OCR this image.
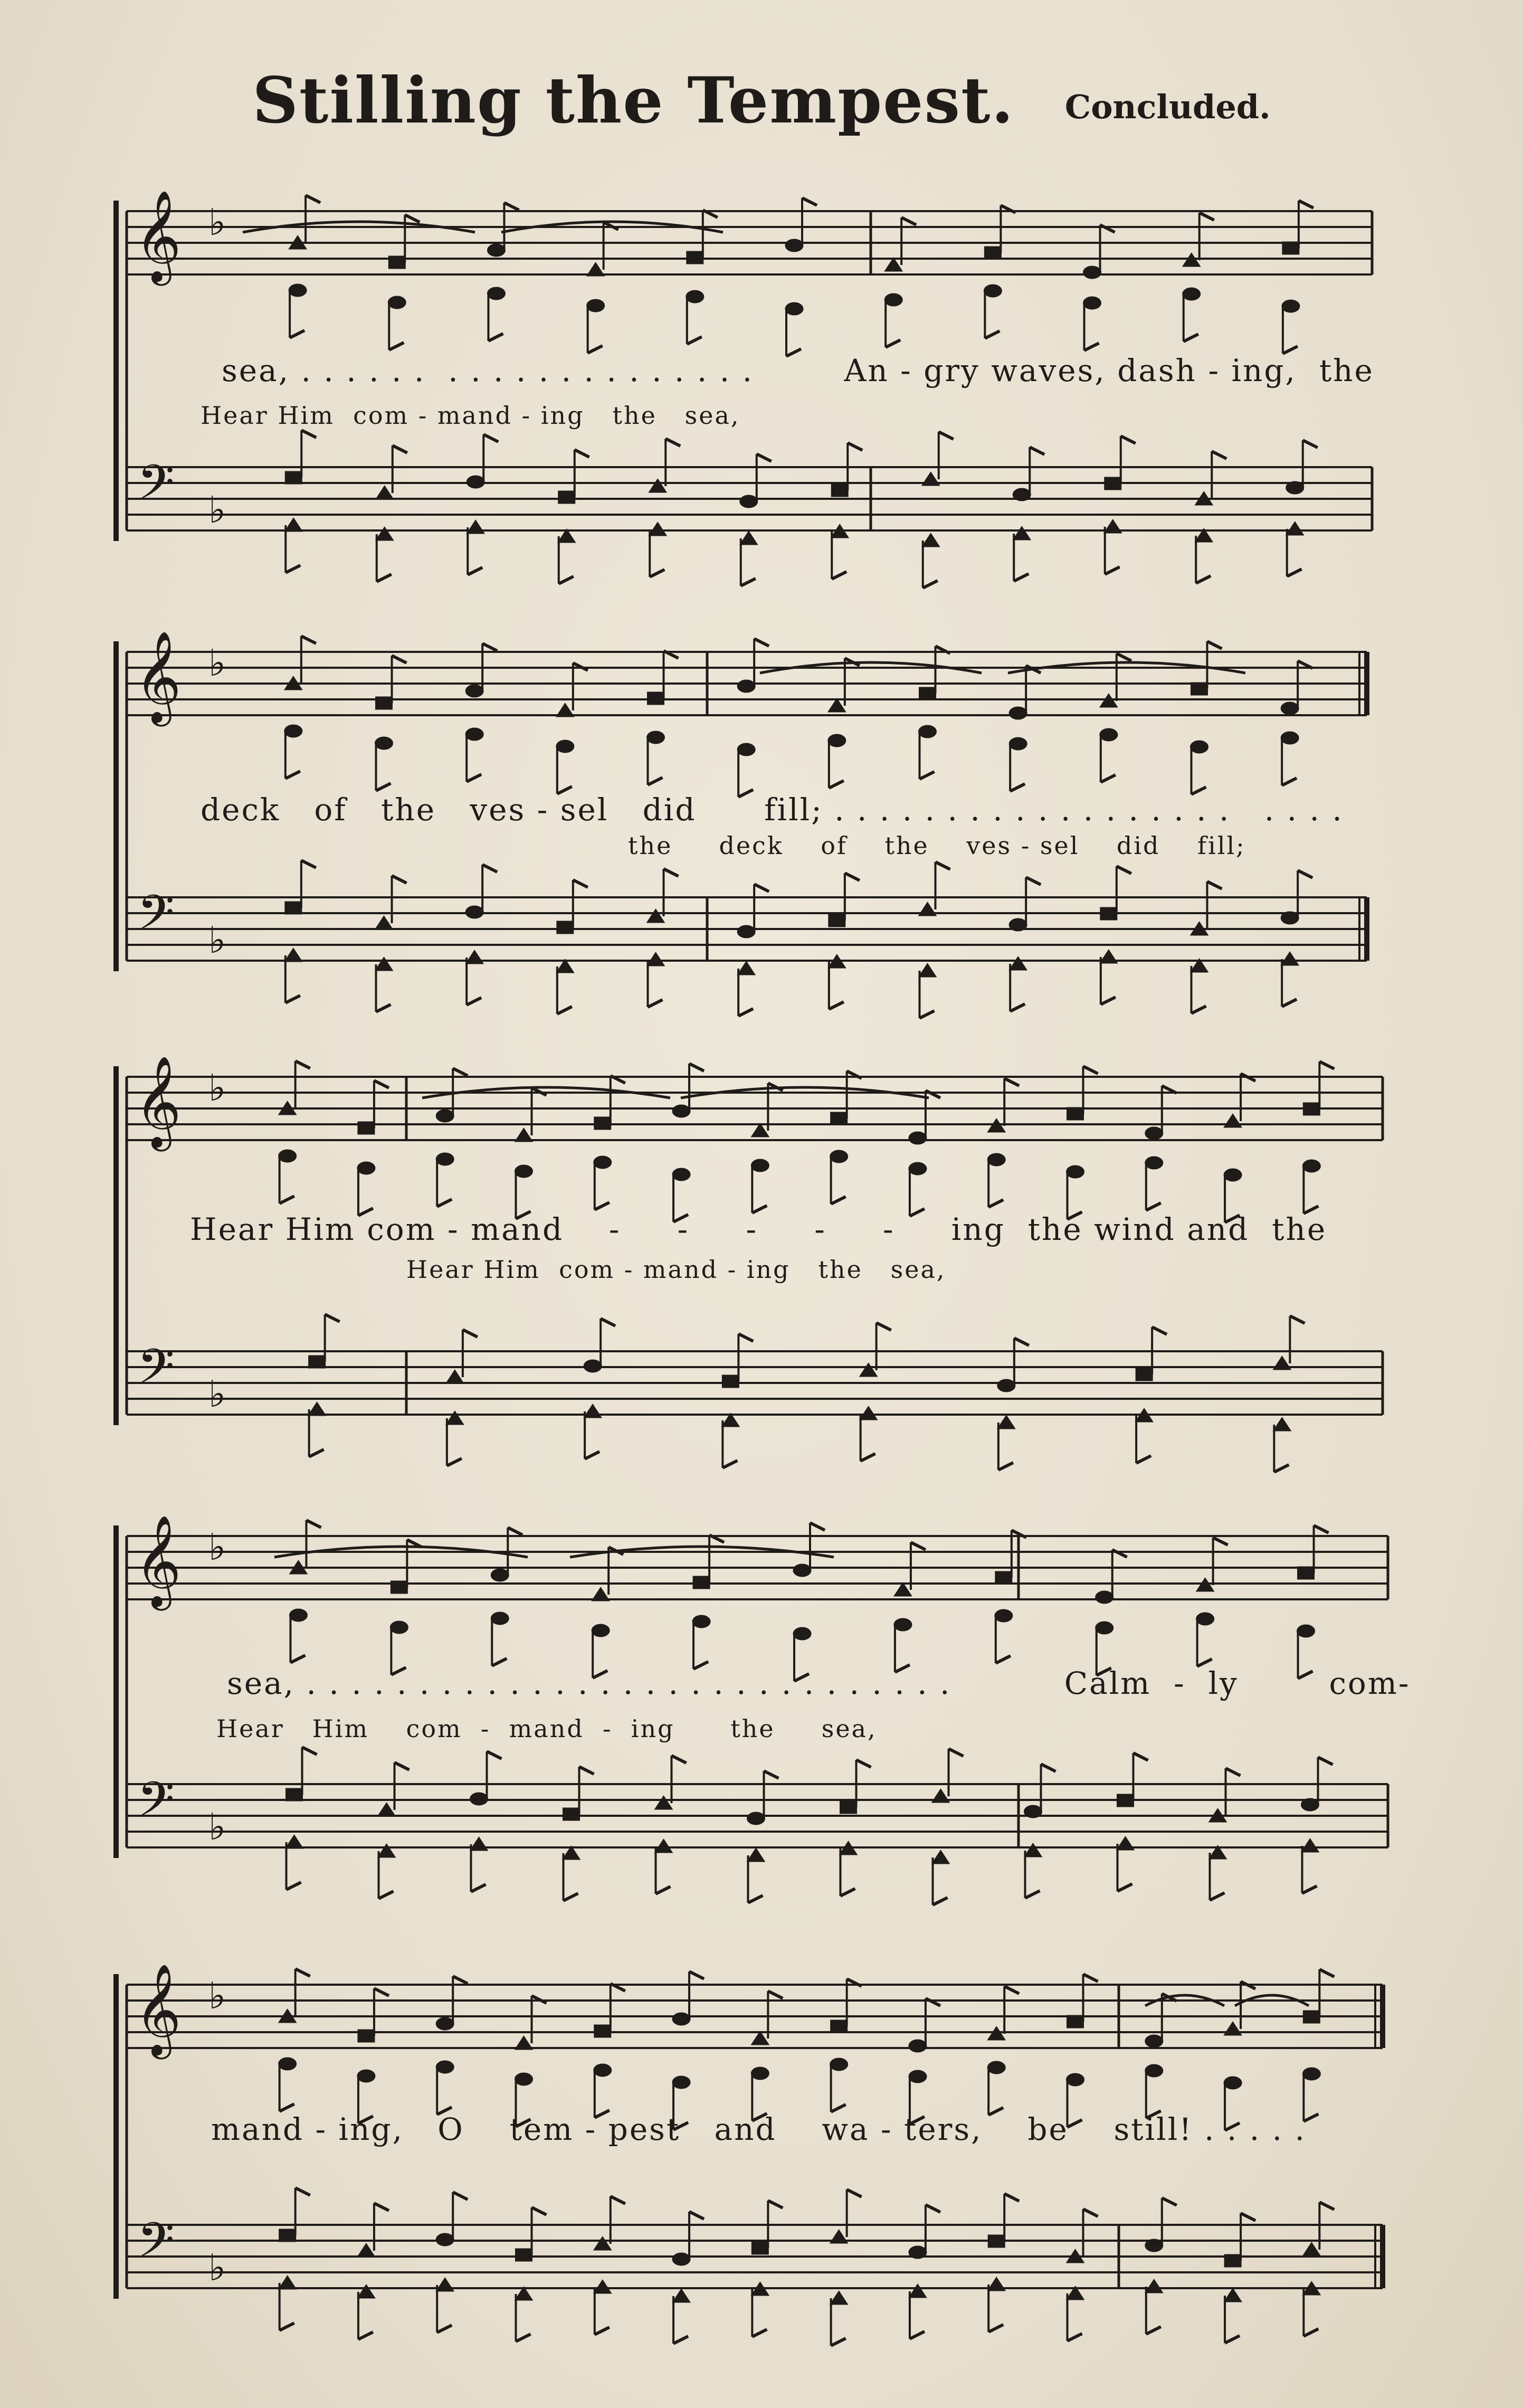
Stilling the Tempest. Concluded.
𝄞
𝄢
♭
♭
𝄞
𝄢
♭
♭
𝄞
𝄢
♭
♭
𝄞
𝄢
♭
♭
𝄞
𝄢
♭
♭
sea, . . . . . .  . . . . . . . . . . . . . .        An - gry waves, dash - ing,  the
Hear Him  com - mand - ing   the   sea,
deck   of   the   ves - sel   did      fill; . . . . . . . . . . . . . . . . . .   . . . .
the     deck    of    the    ves - sel    did    fill;
Hear Him com - mand    -     -     -     -     -     ing  the wind and  the
Hear Him  com - mand - ing   the   sea,
sea, . . . . . . . . . . . . . . . . . . . . . . . . . . . . .          Calm  -  ly        com-
Hear   Him    com  -  mand  -  ing      the     sea,
mand - ing,   O    tem - pest   and    wa - ters,    be    still! . . . . .
